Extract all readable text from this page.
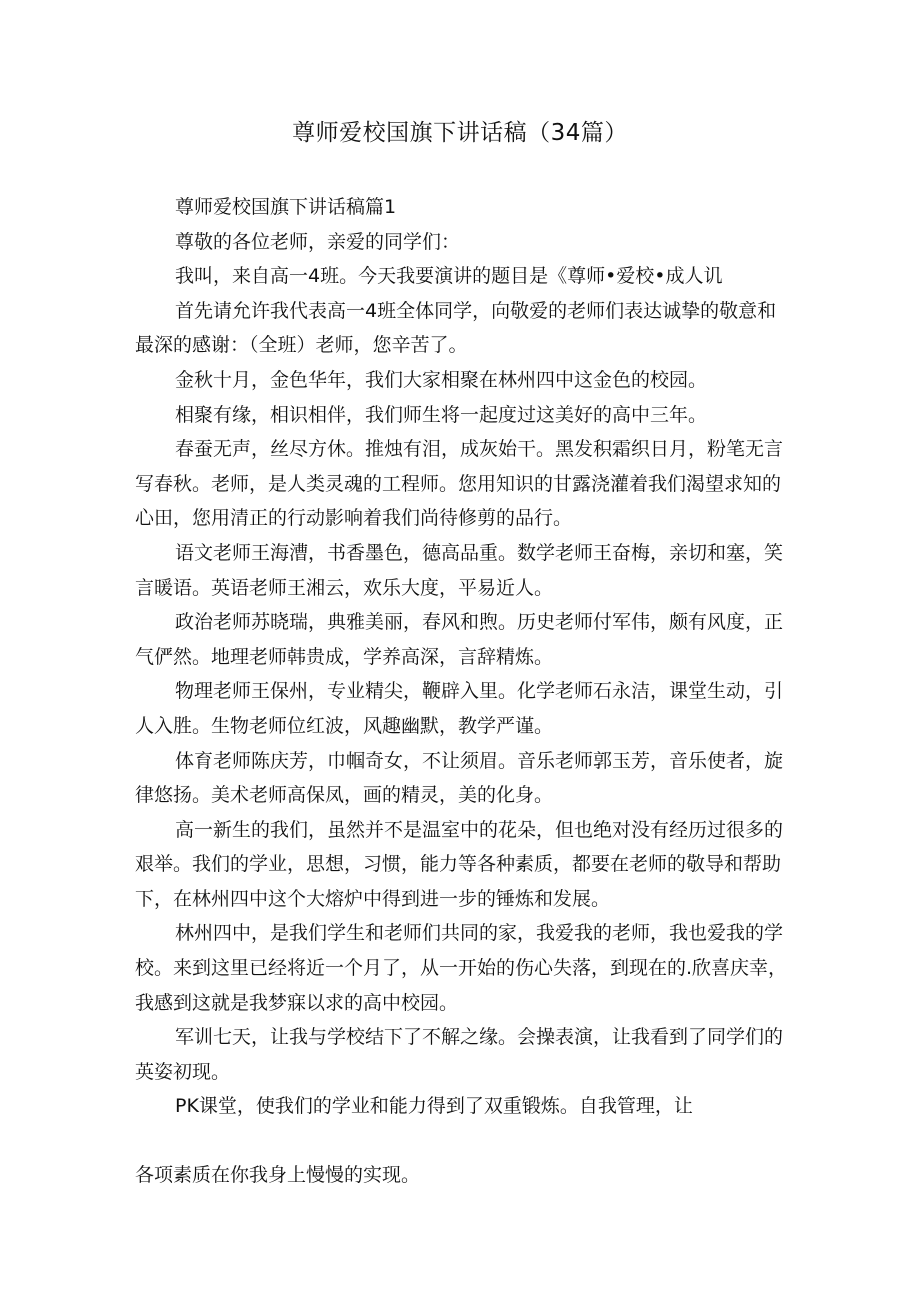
尊师爱校国旗下讲话稿（34篇）

尊师爱校国旗下讲话稿篇1

尊敬的各位老师，亲爱的同学们：

我叫，来自高一4班。今天我要演讲的题目是《尊师•爱校•成人讥

首先请允许我代表高一4班全体同学，向敬爱的老师们表达诚挚的敬意和最深的感谢：（全班）老师，您辛苦了。

金秋十月，金色华年，我们大家相聚在林州四中这金色的校园。

相聚有缘，相识相伴，我们师生将一起度过这美好的高中三年。

春蚕无声，丝尽方休。推烛有泪，成灰始干。黑发积霜织日月，粉笔无言写春秋。老师，是人类灵魂的工程师。您用知识的甘露浇灌着我们渴望求知的心田，您用清正的行动影响着我们尚待修剪的品行。

语文老师王海漕，书香墨色，德高品重。数学老师王奋梅，亲切和塞，笑言暖语。英语老师王湘云，欢乐大度，平易近人。

政治老师苏晓瑞，典雅美丽，春风和煦。历史老师付军伟，颇有风度，正气俨然。地理老师韩贵成，学养高深，言辞精炼。

物理老师王保州，专业精尖，鞭辟入里。化学老师石永洁，课堂生动，引人入胜。生物老师位红波，风趣幽默，教学严谨。

体育老师陈庆芳，巾帼奇女，不让须眉。音乐老师郭玉芳，音乐使者，旋律悠扬。美术老师高保凤，画的精灵，美的化身。

高一新生的我们，虽然并不是温室中的花朵，但也绝对没有经历过很多的艰举。我们的学业，思想，习惯，能力等各种素质，都要在老师的敬导和帮助下，在林州四中这个大熔炉中得到进一步的锤炼和发展。

林州四中，是我们学生和老师们共同的家，我爱我的老师，我也爱我的学校。来到这里已经将近一个月了，从一开始的伤心失落，到现在的.欣喜庆幸，我感到这就是我梦寐以求的高中校园。

军训七天，让我与学校结下了不解之缘。会操表演，让我看到了同学们的英姿初现。

PK课堂，使我们的学业和能力得到了双重锻炼。自我管理，让

各项素质在你我身上慢慢的实现。
